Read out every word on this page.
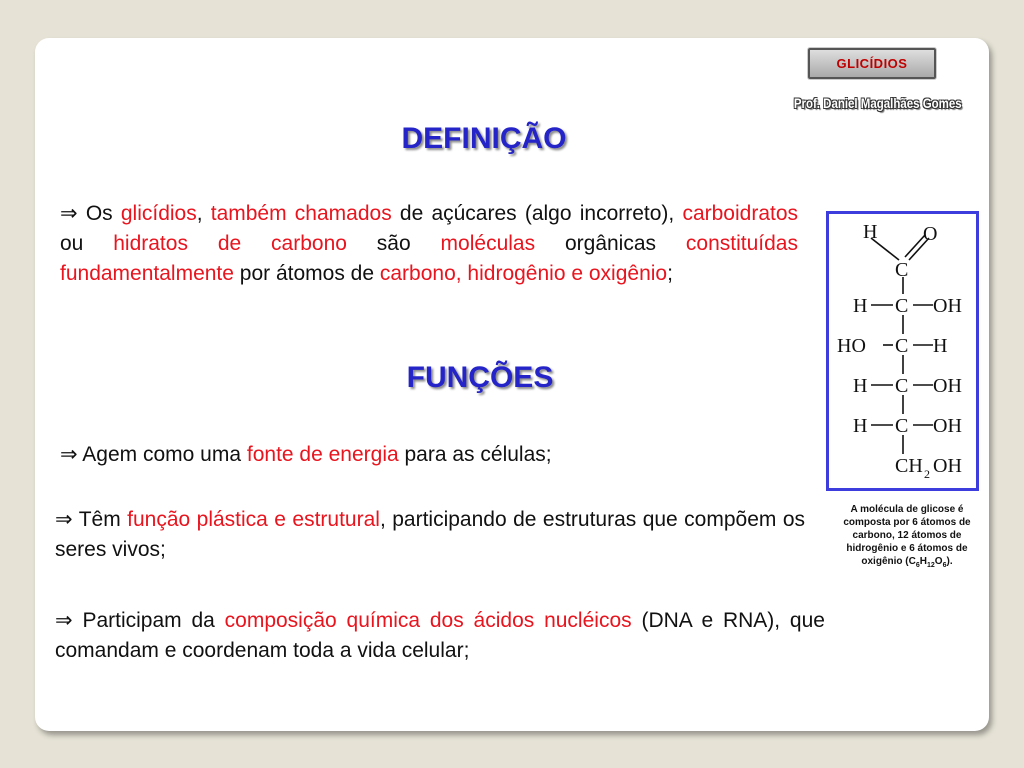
GLICÍDIOS
Prof. Daniel Magalhães Gomes
DEFINIÇÃO
⇒ Os glicídios, também chamados de açúcares (algo incorreto), carboidratos ou hidratos de carbono são moléculas orgânicas constituídas fundamentalmente por átomos de carbono, hidrogênio e oxigênio;
FUNÇÕES
⇒ Agem como uma fonte de energia para as células;
⇒ Têm função plástica e estrutural, participando de estruturas que compõem os seres vivos;
⇒ Participam da composição química dos ácidos nucléicos (DNA e RNA), que comandam e coordenam toda a vida celular;
H O
C
H C OH
HO C H
H C OH
H C OH
CH 2 OH
A molécula de glicose é composta por 6 átomos de carbono, 12 átomos de hidrogênio e 6 átomos de oxigênio $(C_6H_{12}O_6)$.
